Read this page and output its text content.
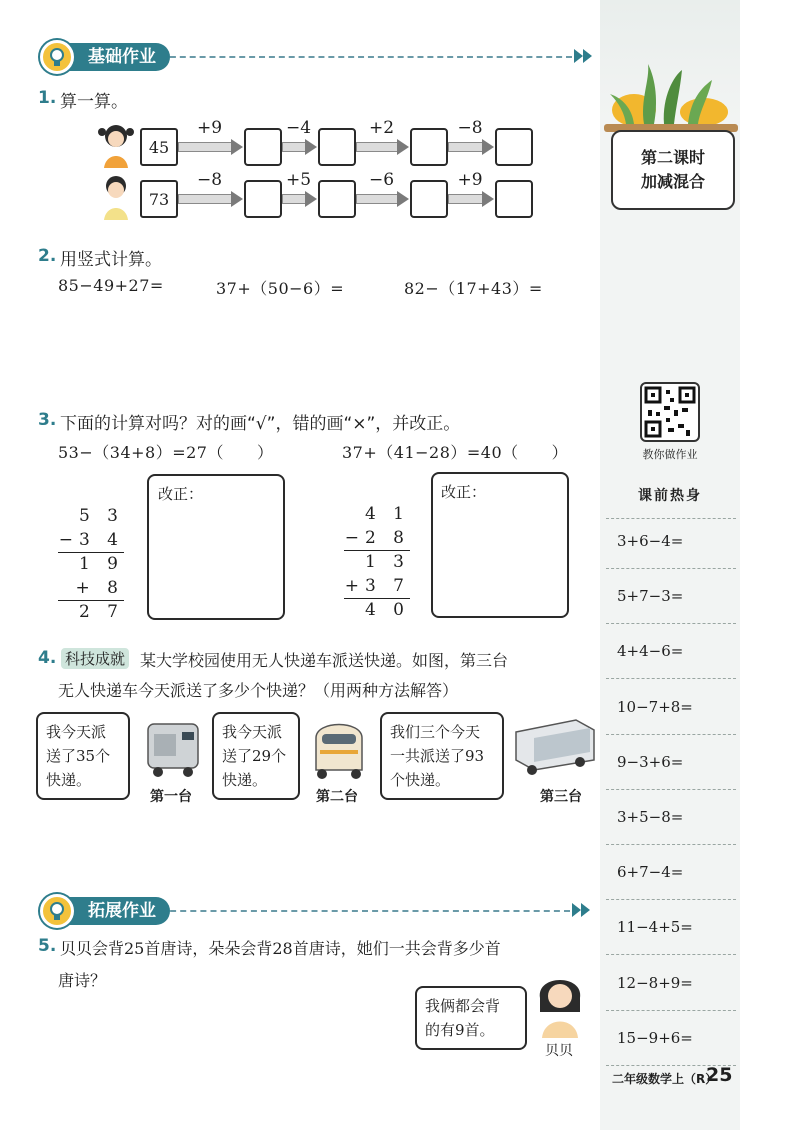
第二课时
加减混合
教你做作业
课前热身
3+6−4=
5+7−3=
4+4−6=
10−7+8=
9−3+6=
3+5−8=
6+7−4=
11−4+5=
12−8+9=
15−9+6=
二年级数学上（R）
25
基础作业
1. 算一算。
45
+9	−4	+2	−8
73
−8	+5	−6	+9
2. 用竖式计算。
85−49+27=	37+（50−6）=	82−（17+43）=
3. 下面的计算对吗？对的画“√”，错的画“×”，并改正。
53−（34+8）=27（　　）	37+（41−28）=40（　　）
5 3
−3 4
1 9
+ 8
2 7
改正：
4 1
−2 8
1 3
+3 7
4 0
改正：
4. 科技成就 某大学校园使用无人快递车派送快递。如图，第三台
无人快递车今天派送了多少个快递？（用两种方法解答）
我今天派
送了35个
快递。
第一台
我今天派
送了29个
快递。
第二台
我们三个今天
一共派送了93
个快递。
第三台
拓展作业
5. 贝贝会背25首唐诗，朵朵会背28首唐诗，她们一共会背多少首
唐诗？
我俩都会背
的有9首。
贝贝
